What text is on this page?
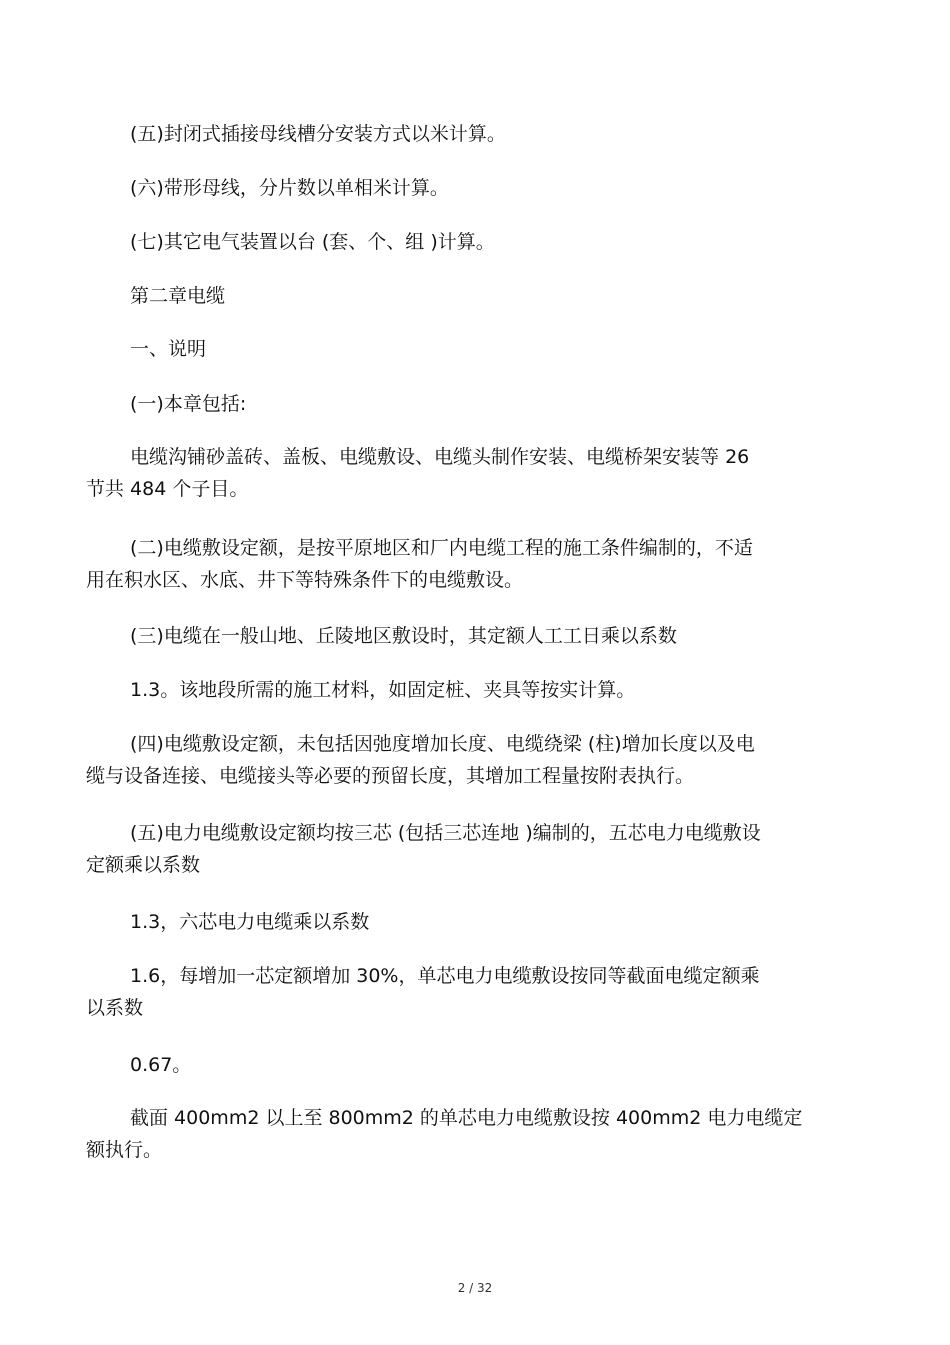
(五)封闭式插接母线槽分安装方式以米计算。

(六)带形母线，分片数以单相米计算。

(七)其它电气装置以台 (套、个、组 )计算。

第二章电缆

一、说明

(一)本章包括:

电缆沟铺砂盖砖、盖板、电缆敷设、电缆头制作安装、电缆桥架安装等 26
节共 484 个子目。

(二)电缆敷设定额，是按平原地区和厂内电缆工程的施工条件编制的，不适
用在积水区、水底、井下等特殊条件下的电缆敷设。

(三)电缆在一般山地、丘陵地区敷设时，其定额人工工日乘以系数

1.3。该地段所需的施工材料，如固定桩、夹具等按实计算。

(四)电缆敷设定额，未包括因弛度增加长度、电缆绕梁 (柱)增加长度以及电
缆与设备连接、电缆接头等必要的预留长度，其增加工程量按附表执行。

(五)电力电缆敷设定额均按三芯 (包括三芯连地 )编制的，五芯电力电缆敷设
定额乘以系数

1.3，六芯电力电缆乘以系数

1.6，每增加一芯定额增加 30%，单芯电力电缆敷设按同等截面电缆定额乘
以系数

0.67。

截面 400mm2 以上至 800mm2 的单芯电力电缆敷设按 400mm2 电力电缆定
额执行。

2 / 32
